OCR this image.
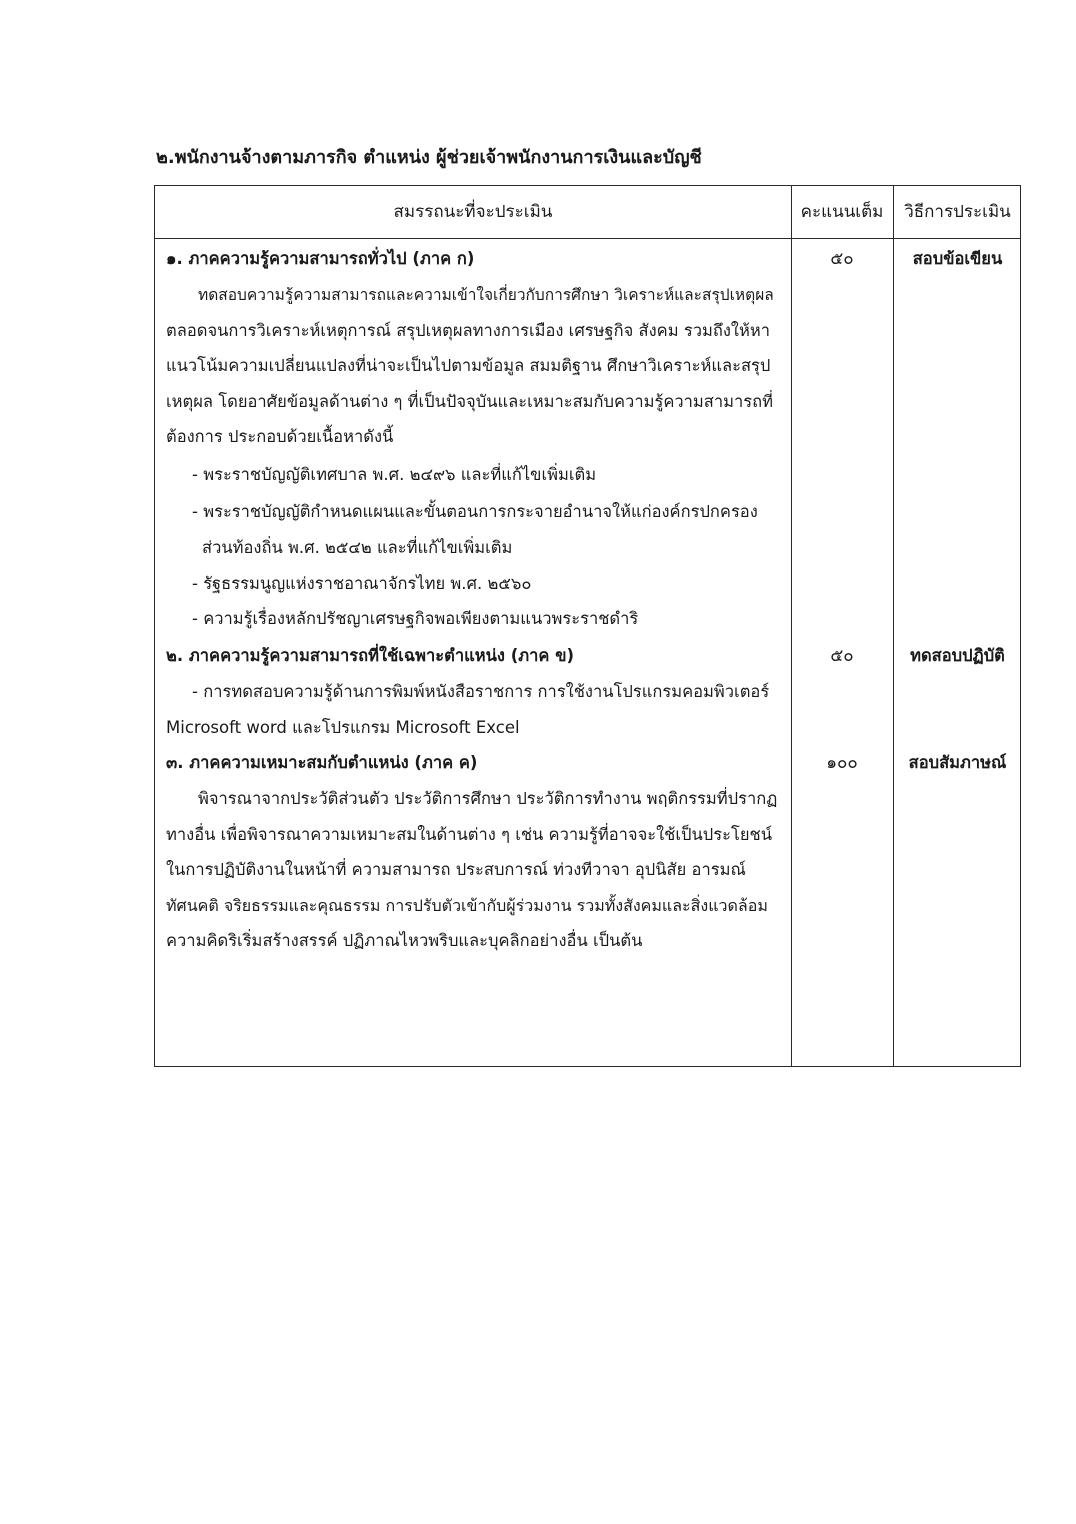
๒.พนักงานจ้างตามภารกิจ ตำแหน่ง ผู้ช่วยเจ้าพนักงานการเงินและบัญชี
สมรรถนะที่จะประเมิน	คะแนนเต็ม	วิธีการประเมิน
๑. ภาคความรู้ความสามารถทั่วไป (ภาค ก)	๕๐	สอบข้อเขียน
ทดสอบความรู้ความสามารถและความเข้าใจเกี่ยวกับการศึกษา วิเคราะห์และสรุปเหตุผล
ตลอดจนการวิเคราะห์เหตุการณ์ สรุปเหตุผลทางการเมือง เศรษฐกิจ สังคม รวมถึงให้หา
แนวโน้มความเปลี่ยนแปลงที่น่าจะเป็นไปตามข้อมูล สมมติฐาน ศึกษาวิเคราะห์และสรุป
เหตุผล โดยอาศัยข้อมูลด้านต่าง ๆ ที่เป็นปัจจุบันและเหมาะสมกับความรู้ความสามารถที่
ต้องการ ประกอบด้วยเนื้อหาดังนี้
- พระราชบัญญัติเทศบาล พ.ศ. ๒๔๙๖ และที่แก้ไขเพิ่มเติม
- พระราชบัญญัติกำหนดแผนและขั้นตอนการกระจายอำนาจให้แก่องค์กรปกครอง
ส่วนท้องถิ่น พ.ศ. ๒๕๔๒ และที่แก้ไขเพิ่มเติม
- รัฐธรรมนูญแห่งราชอาณาจักรไทย พ.ศ. ๒๕๖๐
- ความรู้เรื่องหลักปรัชญาเศรษฐกิจพอเพียงตามแนวพระราชดำริ
๒. ภาคความรู้ความสามารถที่ใช้เฉพาะตำแหน่ง (ภาค ข)	๕๐	ทดสอบปฏิบัติ
- การทดสอบความรู้ด้านการพิมพ์หนังสือราชการ การใช้งานโปรแกรมคอมพิวเตอร์
Microsoft word และโปรแกรม Microsoft Excel
๓. ภาคความเหมาะสมกับตำแหน่ง (ภาค ค)	๑๐๐	สอบสัมภาษณ์
พิจารณาจากประวัติส่วนตัว ประวัติการศึกษา ประวัติการทำงาน พฤติกรรมที่ปรากฏ
ทางอื่น เพื่อพิจารณาความเหมาะสมในด้านต่าง ๆ เช่น ความรู้ที่อาจจะใช้เป็นประโยชน์
ในการปฏิบัติงานในหน้าที่ ความสามารถ ประสบการณ์ ท่วงทีวาจา อุปนิสัย อารมณ์
ทัศนคติ จริยธรรมและคุณธรรม การปรับตัวเข้ากับผู้ร่วมงาน รวมทั้งสังคมและสิ่งแวดล้อม
ความคิดริเริ่มสร้างสรรค์ ปฏิภาณไหวพริบและบุคลิกอย่างอื่น เป็นต้น
